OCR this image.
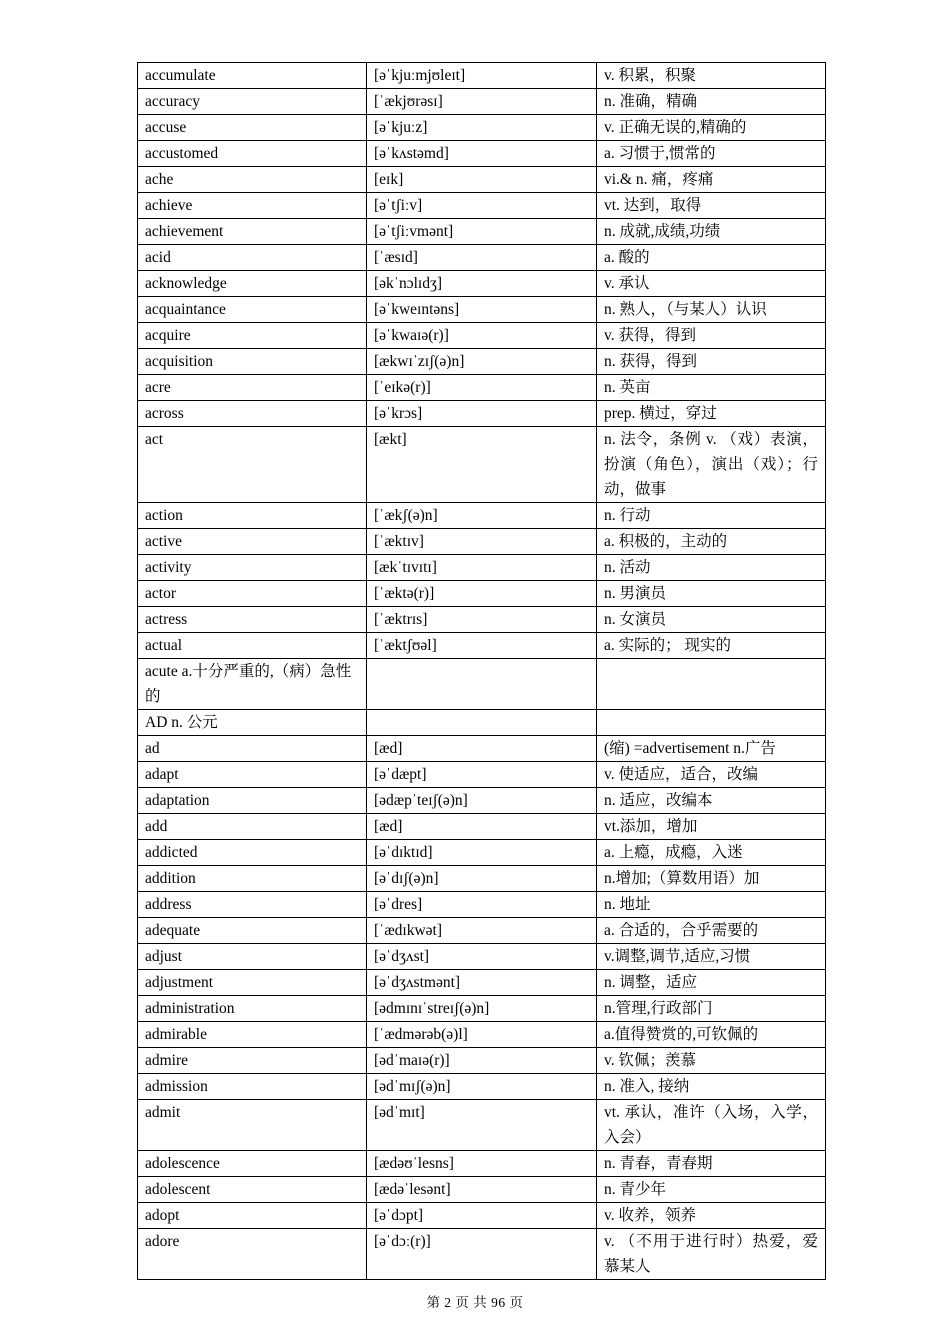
accumulate	[əˈkjuːmjʊleɪt]	v. 积累，积聚
accuracy	[ˈækjʊrəsɪ]	n. 准确，精确
accuse	[əˈkjuːz]	v. 正确无误的,精确的
accustomed	[əˈkʌstəmd]	a. 习惯于,惯常的
ache	[eɪk]	vi.& n. 痛，疼痛
achieve	[əˈtʃiːv]	vt. 达到，取得
achievement	[əˈtʃiːvmənt]	n. 成就,成绩,功绩
acid	[ˈæsɪd]	a. 酸的
acknowledge	[əkˈnɔlɪdʒ]	v. 承认
acquaintance	[əˈkweɪntəns]	n. 熟人，（与某人）认识
acquire	[əˈkwaɪə(r)]	v. 获得，得到
acquisition	[ækwɪˈzɪʃ(ə)n]	n. 获得，得到
acre	[ˈeɪkə(r)]	n. 英亩
across	[əˈkrɔs]	prep. 横过，穿过
act	[ækt]	n. 法令，条例 v. （戏）表演，扮演（角色），演出（戏）；行动，做事
action	[ˈækʃ(ə)n]	n. 行动
active	[ˈæktɪv]	a. 积极的，主动的
activity	[ækˈtɪvɪtɪ]	n. 活动
actor	[ˈæktə(r)]	n. 男演员
actress	[ˈæktrɪs]	n. 女演员
actual	[ˈæktʃʊəl]	a. 实际的； 现实的
acute a.十分严重的,（病）急性的		
AD n. 公元		
ad	[æd]	(缩) =advertisement n.广告
adapt	[əˈdæpt]	v. 使适应，适合，改编
adaptation	[ədæpˈteɪʃ(ə)n]	n. 适应，改编本
add	[æd]	vt.添加，增加
addicted	[əˈdɪktɪd]	a. 上瘾，成瘾，入迷
addition	[əˈdɪʃ(ə)n]	n.增加;（算数用语）加
address	[əˈdres]	n. 地址
adequate	[ˈædɪkwət]	a. 合适的，合乎需要的
adjust	[əˈdʒʌst]	v.调整,调节,适应,习惯
adjustment	[əˈdʒʌstmənt]	n. 调整，适应
administration	[ədmɪnɪˈstreɪʃ(ə)n]	n.管理,行政部门
admirable	[ˈædmərəb(ə)l]	a.值得赞赏的,可钦佩的
admire	[ədˈmaɪə(r)]	v. 钦佩；羡慕
admission	[ədˈmɪʃ(ə)n]	n. 准入, 接纳
admit	[ədˈmɪt]	vt. 承认，准许（入场，入学，入会）
adolescence	[ædəʊˈlesns]	n. 青春，青春期
adolescent	[ædəˈlesənt]	n. 青少年
adopt	[əˈdɔpt]	v. 收养，领养
adore	[əˈdɔː(r)]	v. （不用于进行时）热爱，爱慕某人
第 2 页 共 96 页
